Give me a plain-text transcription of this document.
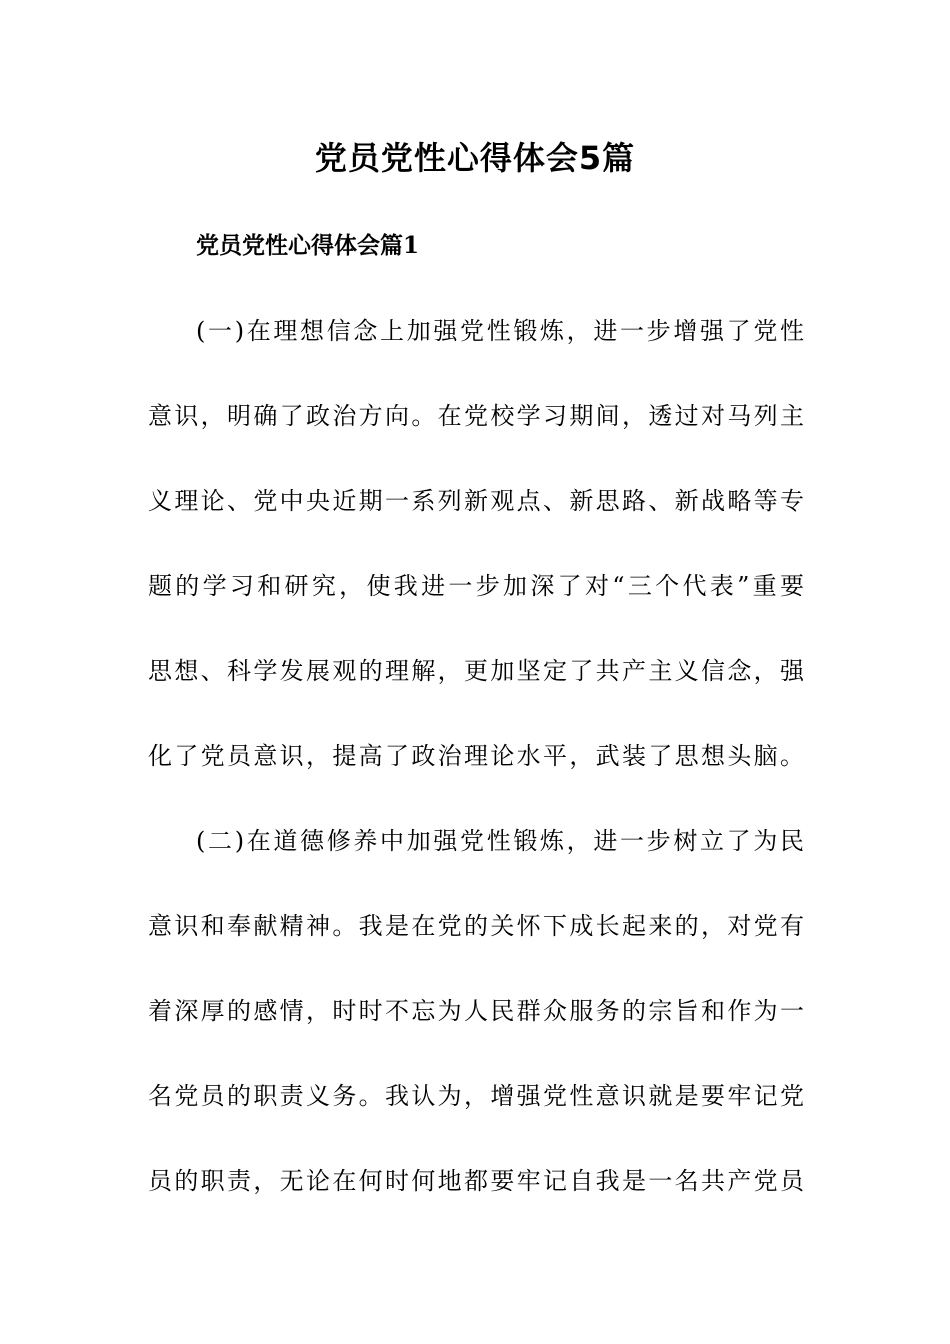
党员党性心得体会5篇
党员党性心得体会篇1
(一)在理想信念上加强党性锻炼，进一步增强了党性
意识，明确了政治方向。在党校学习期间，透过对马列主
义理论、党中央近期一系列新观点、新思路、新战略等专
题的学习和研究，使我进一步加深了对“三个代表”重要
思想、科学发展观的理解，更加坚定了共产主义信念，强
化了党员意识，提高了政治理论水平，武装了思想头脑。
(二)在道德修养中加强党性锻炼，进一步树立了为民
意识和奉献精神。我是在党的关怀下成长起来的，对党有
着深厚的感情，时时不忘为人民群众服务的宗旨和作为一
名党员的职责义务。我认为，增强党性意识就是要牢记党
员的职责，无论在何时何地都要牢记自我是一名共产党员
